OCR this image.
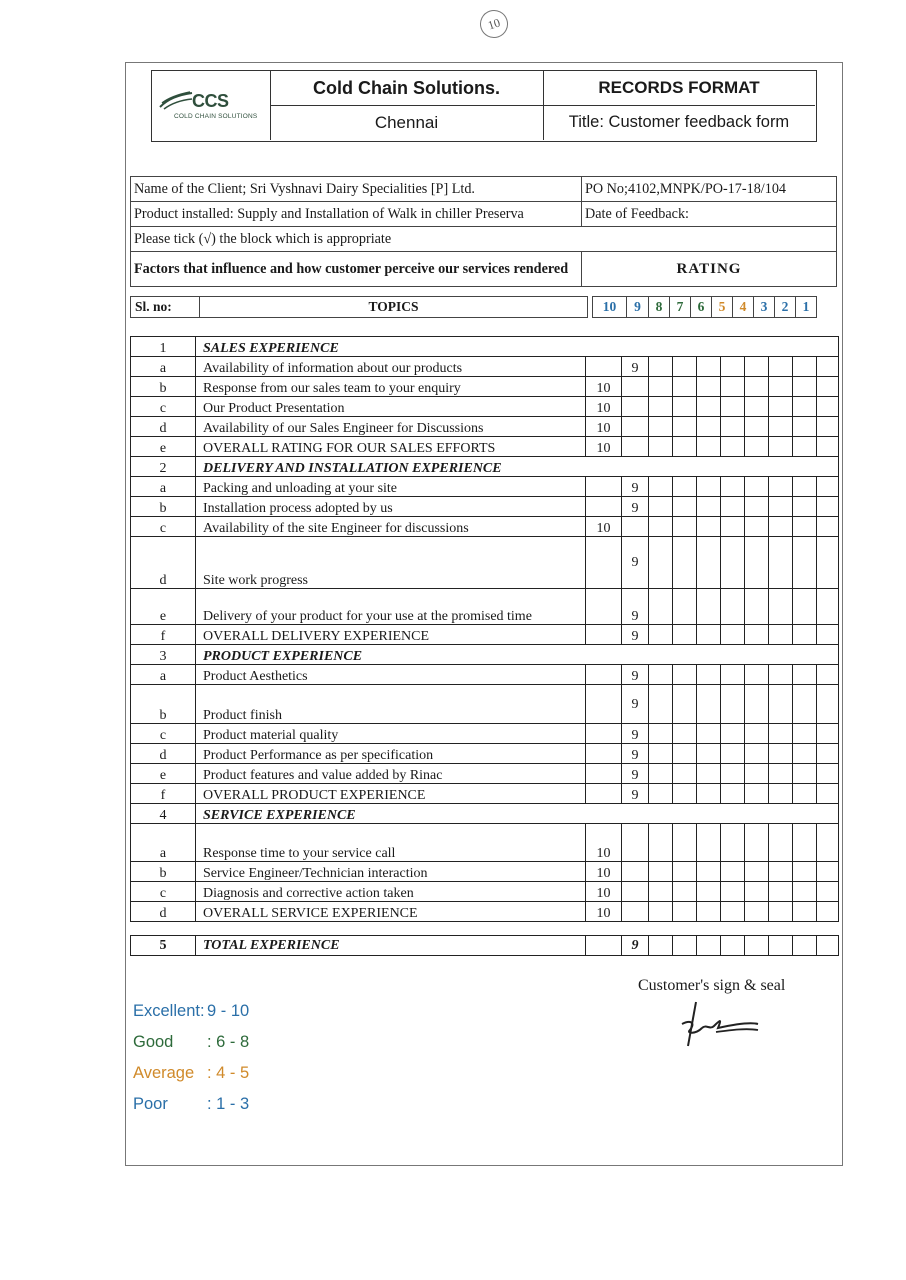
10
CCS
COLD CHAIN SOLUTIONS
Cold Chain Solutions.
Chennai
RECORDS FORMAT
Title: Customer feedback form
Name of the Client; Sri Vyshnavi Dairy Specialities [P] Ltd.	PO No;4102,MNPK/PO-17-18/104
Product installed: Supply and Installation of Walk in chiller Preserva	Date of Feedback:
Please tick (√) the block which is appropriate	
Factors that influence and how customer perceive our services rendered	RATING
Sl. no:	TOPICS		10	9	8	7	6	5	4	3	2	1
1	SALES EXPERIENCE										
a	Availability of information about our products		9								
b	Response from our sales team to your enquiry	10									
c	Our Product Presentation	10									
d	Availability of our Sales Engineer for Discussions	10									
e	OVERALL RATING FOR OUR SALES EFFORTS	10									
2	DELIVERY AND INSTALLATION EXPERIENCE										
a	Packing and unloading at your site		9								
b	Installation process adopted by us		9								
c	Availability of the site Engineer for discussions	10									
d	Site work progress		9								
e	Delivery of your product for your use at the promised time		9								
f	OVERALL DELIVERY EXPERIENCE		9								
3	PRODUCT EXPERIENCE										
a	Product Aesthetics		9								
b	Product finish		9								
c	Product material quality		9								
d	Product Performance as per specification		9								
e	Product features and value added by Rinac		9								
f	OVERALL PRODUCT EXPERIENCE		9								
4	SERVICE EXPERIENCE										
a	Response time to your service call	10									
b	Service Engineer/Technician interaction	10									
c	Diagnosis and corrective action taken	10									
d	OVERALL SERVICE EXPERIENCE	10									
5	TOTAL EXPERIENCE		9								
Customer's sign & seal
Excellent: 9 - 10
Good : 6 - 8
Average : 4 - 5
Poor : 1 - 3
